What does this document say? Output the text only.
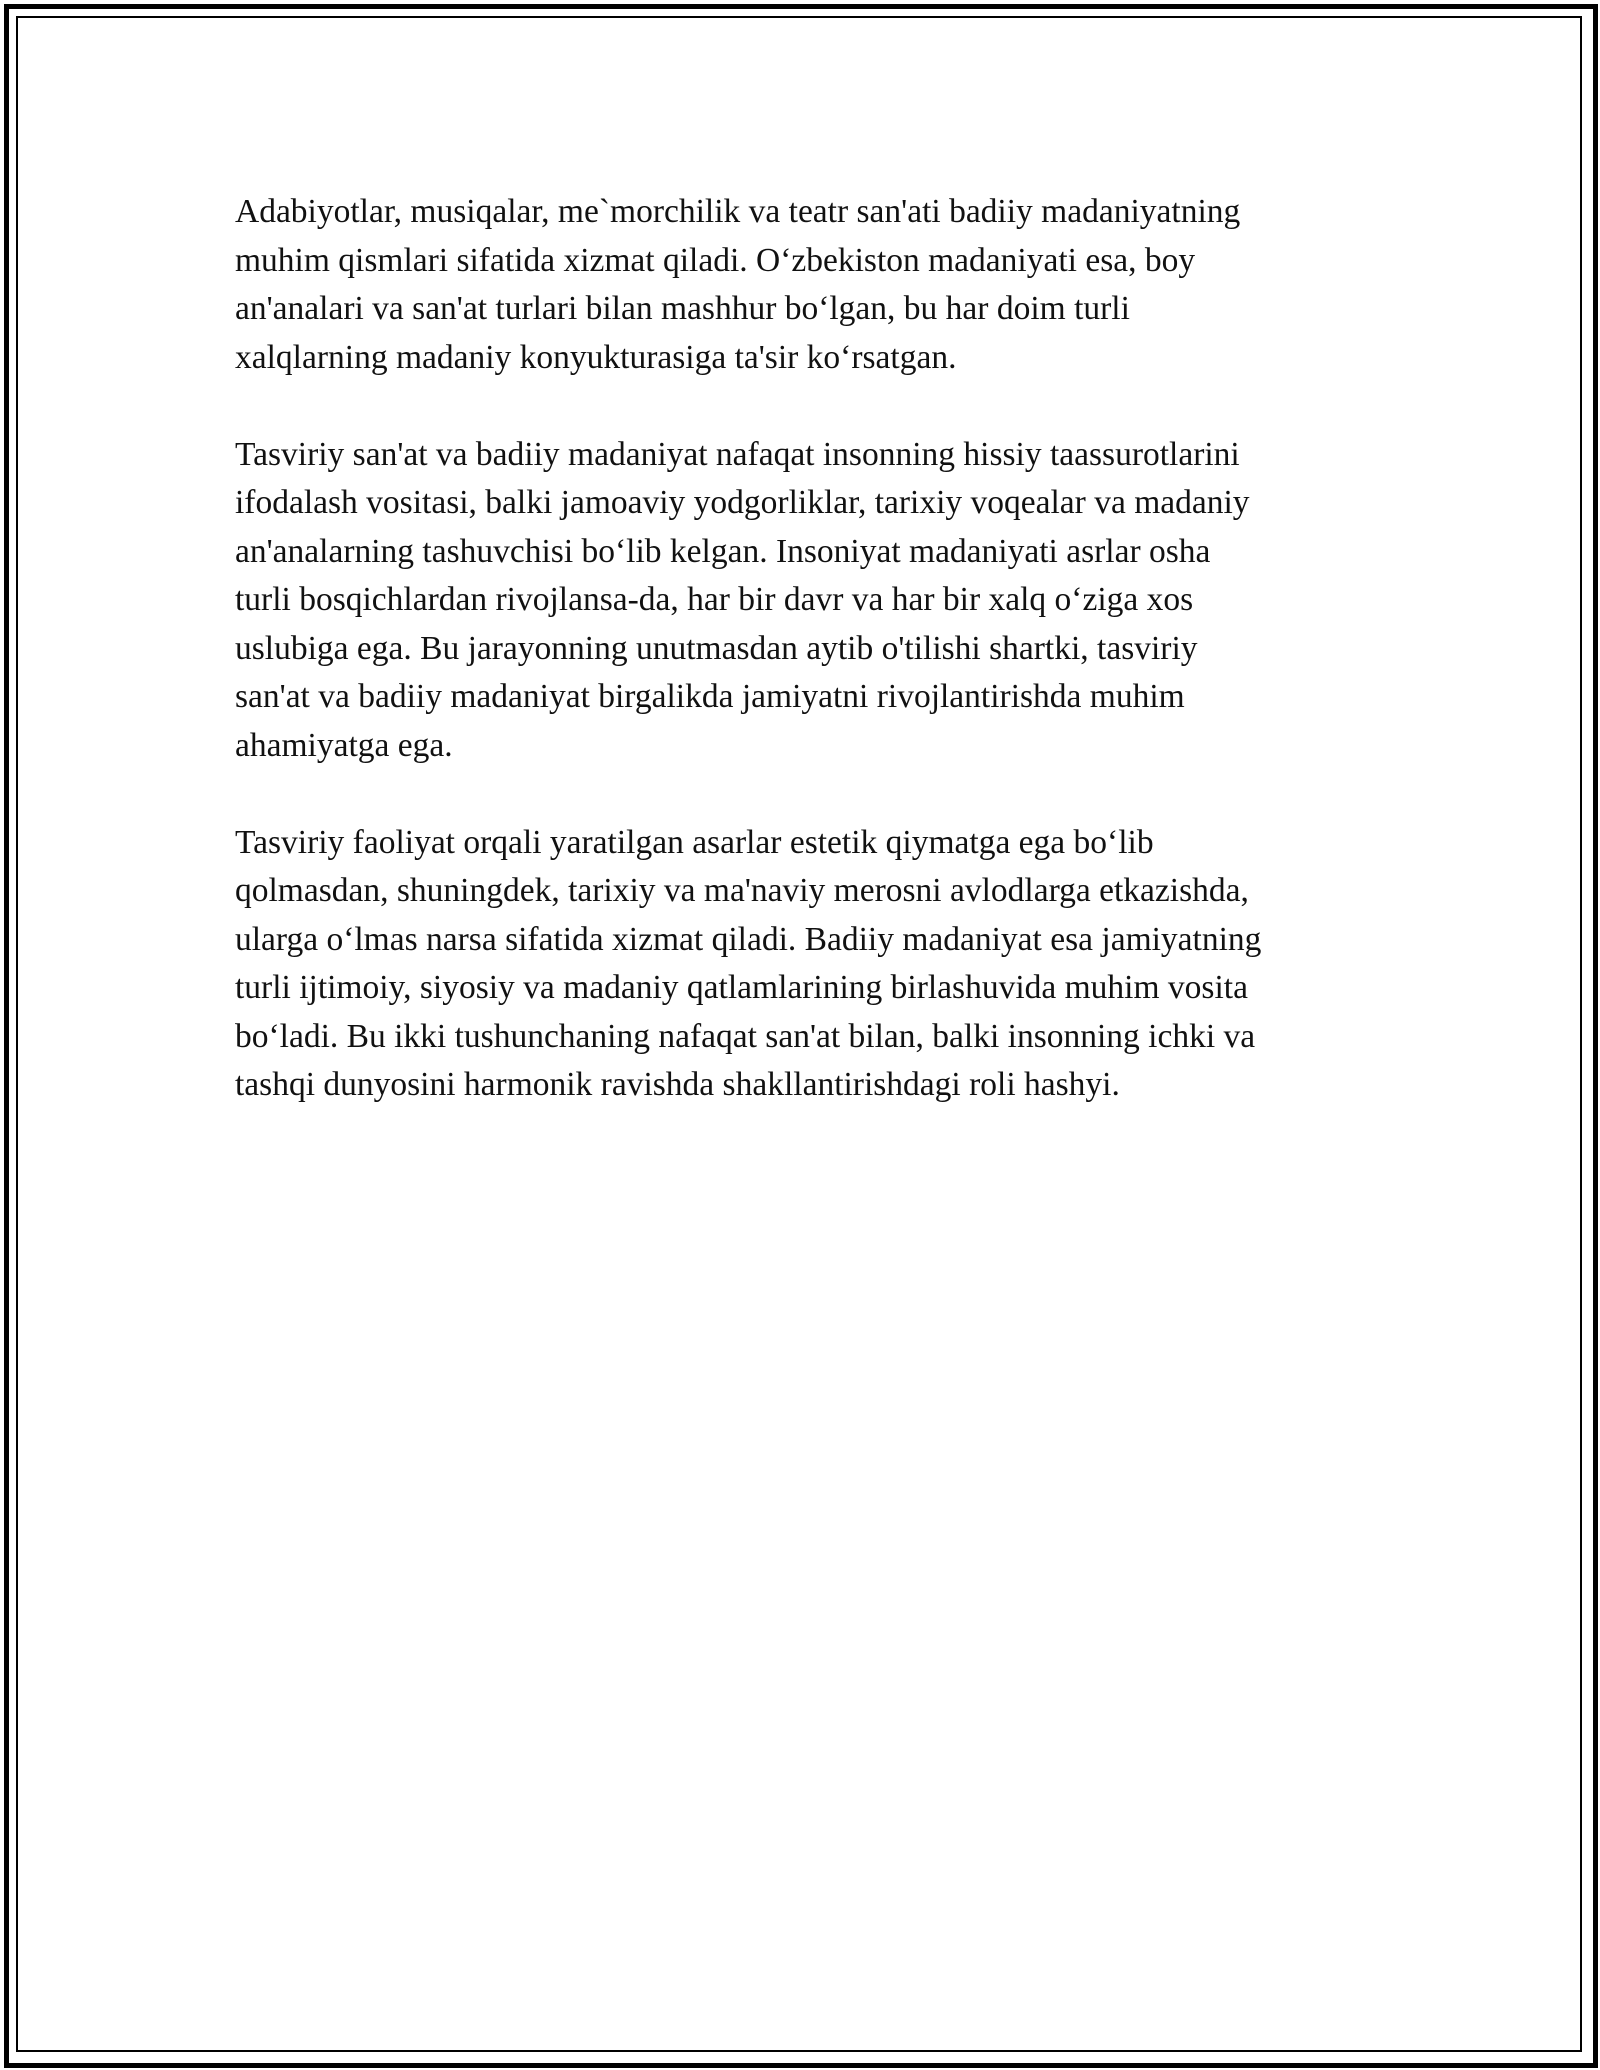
Adabiyotlar, musiqalar, me`morchilik va teatr san'ati badiiy madaniyatning
muhim qismlari sifatida xizmat qiladi. Oʻzbekiston madaniyati esa, boy
an'analari va san'at turlari bilan mashhur boʻlgan, bu har doim turli
xalqlarning madaniy konyukturasiga ta'sir koʻrsatgan.

Tasviriy san'at va badiiy madaniyat nafaqat insonning hissiy taassurotlarini
ifodalash vositasi, balki jamoaviy yodgorliklar, tarixiy voqealar va madaniy
an'analarning tashuvchisi boʻlib kelgan. Insoniyat madaniyati asrlar osha
turli bosqichlardan rivojlansa-da, har bir davr va har bir xalq oʻziga xos
uslubiga ega. Bu jarayonning unutmasdan aytib o'tilishi shartki, tasviriy
san'at va badiiy madaniyat birgalikda jamiyatni rivojlantirishda muhim
ahamiyatga ega.

Tasviriy faoliyat orqali yaratilgan asarlar estetik qiymatga ega boʻlib
qolmasdan, shuningdek, tarixiy va ma'naviy merosni avlodlarga etkazishda,
ularga oʻlmas narsa sifatida xizmat qiladi. Badiiy madaniyat esa jamiyatning
turli ijtimoiy, siyosiy va madaniy qatlamlarining birlashuvida muhim vosita
boʻladi. Bu ikki tushunchaning nafaqat san'at bilan, balki insonning ichki va
tashqi dunyosini harmonik ravishda shakllantirishdagi roli hashyi.
